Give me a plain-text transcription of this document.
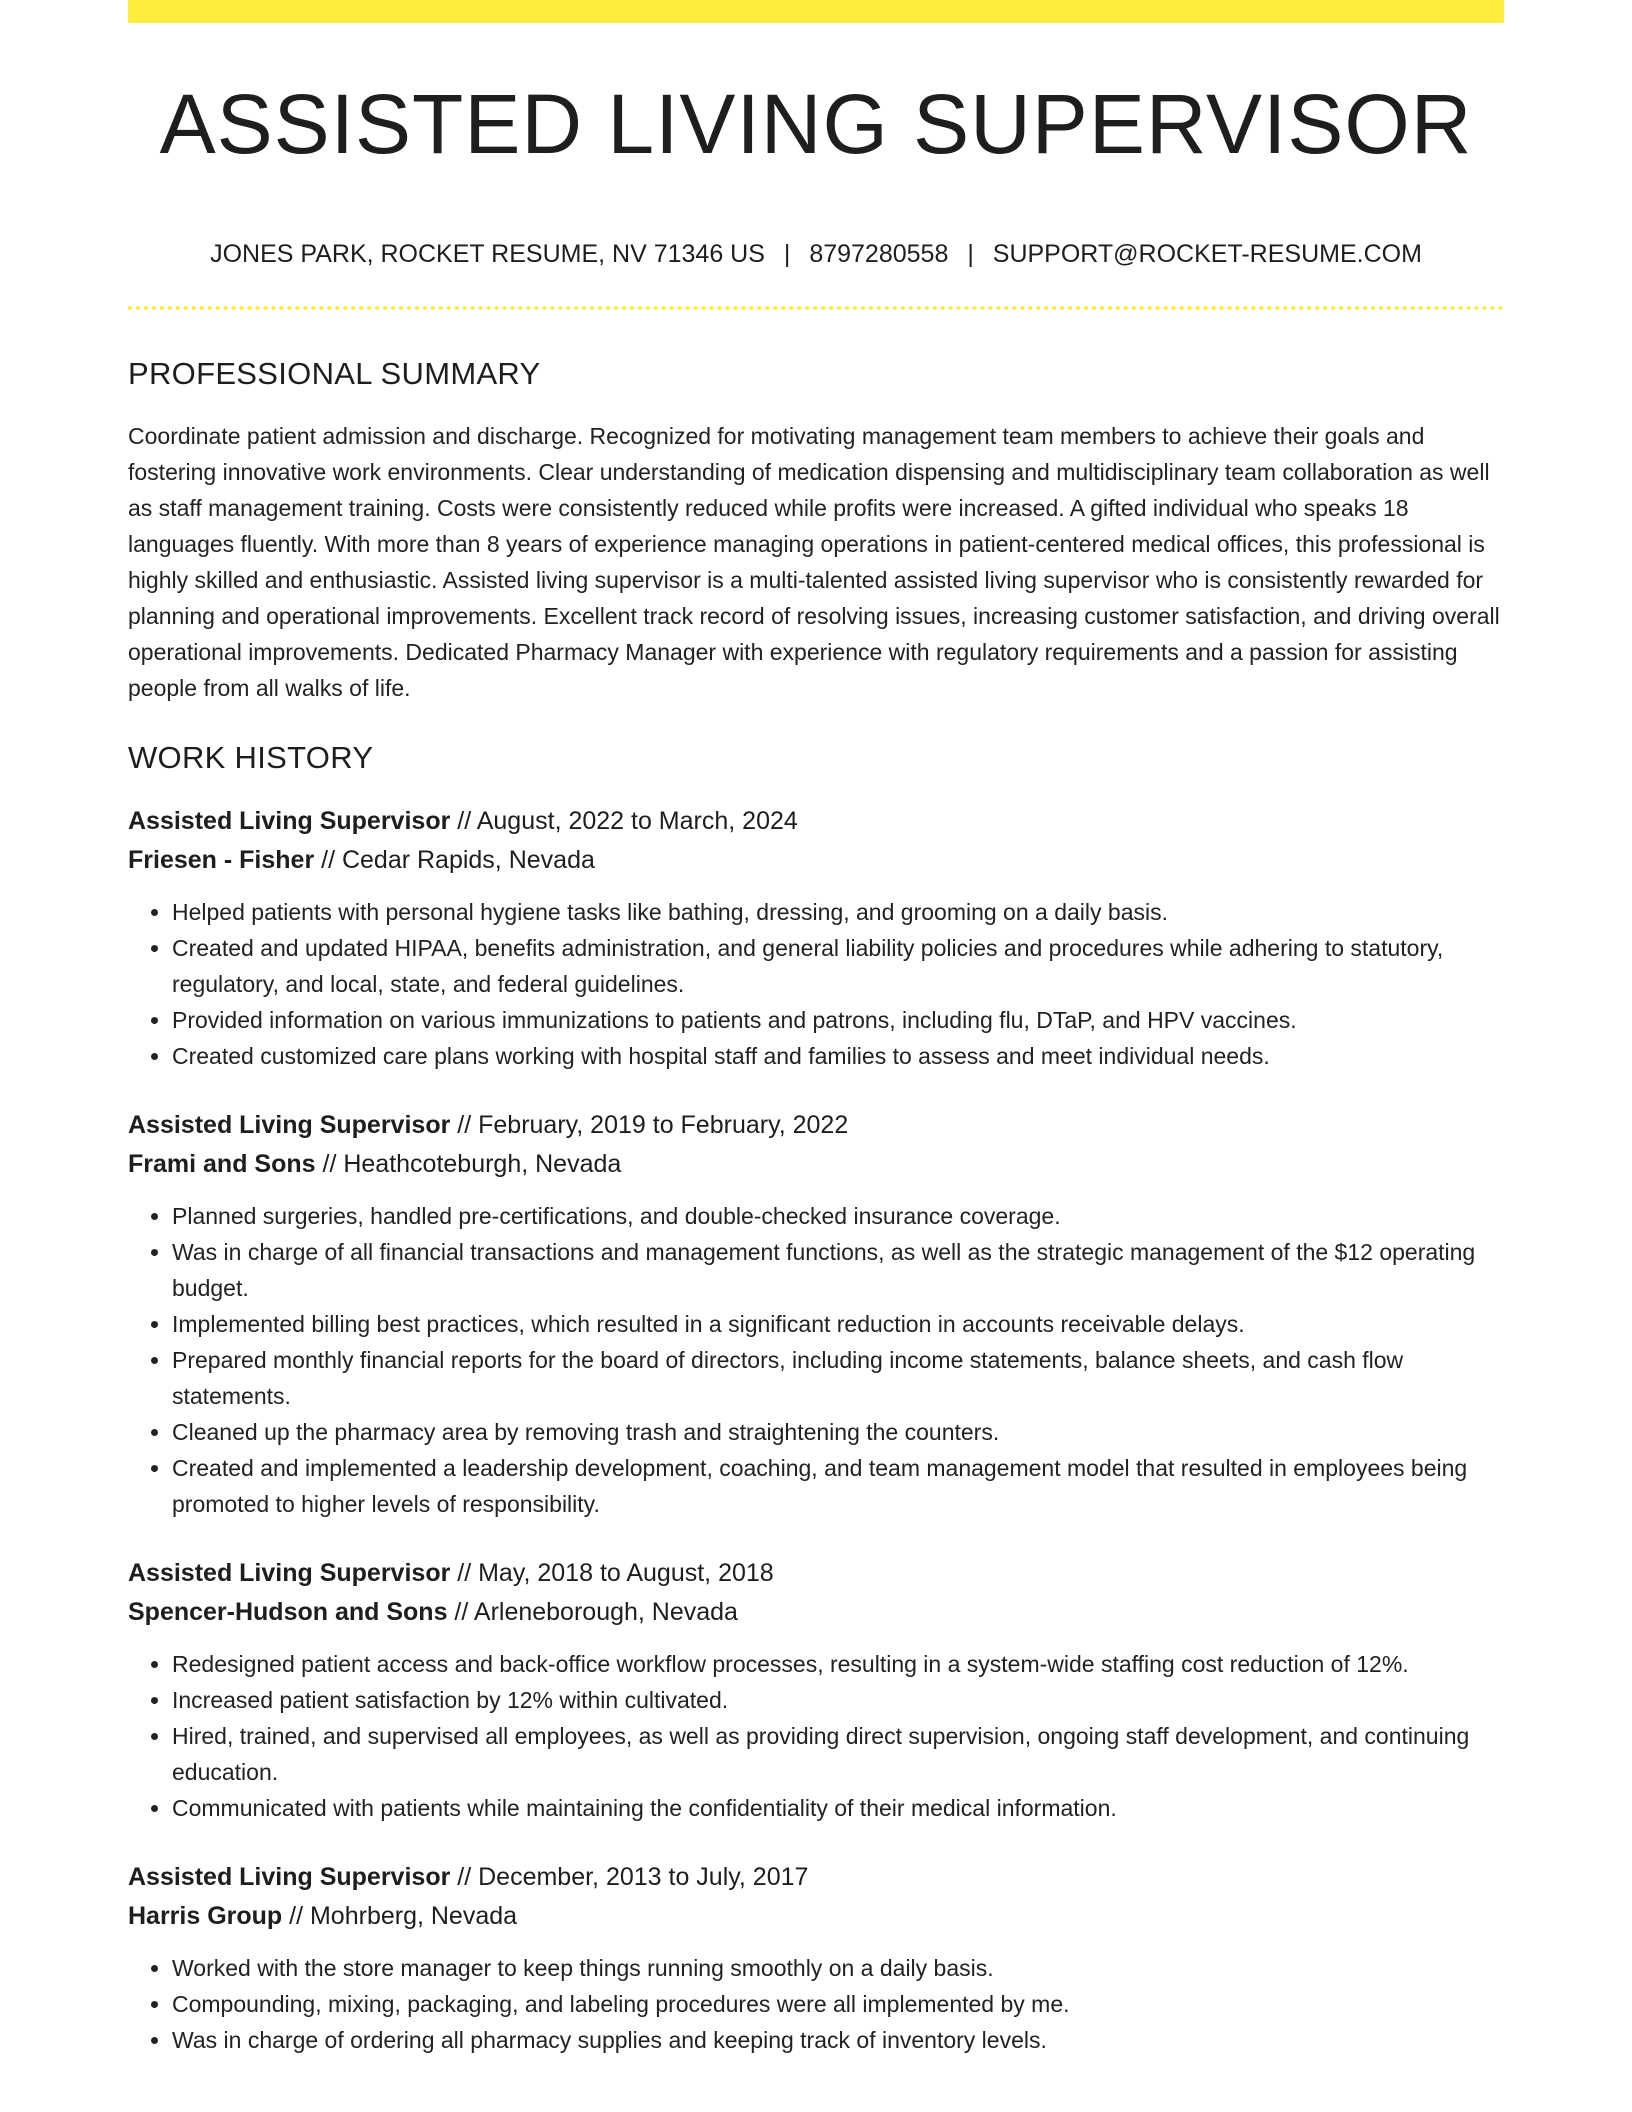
ASSISTED LIVING SUPERVISOR
JONES PARK, ROCKET RESUME, NV 71346 US | 8797280558 | SUPPORT@ROCKET-RESUME.COM
PROFESSIONAL SUMMARY

Coordinate patient admission and discharge. Recognized for motivating management team members to achieve their goals and fostering innovative work environments. Clear understanding of medication dispensing and multidisciplinary team collaboration as well as staff management training. Costs were consistently reduced while profits were increased. A gifted individual who speaks 18 languages fluently. With more than 8 years of experience managing operations in patient-centered medical offices, this professional is highly skilled and enthusiastic. Assisted living supervisor is a multi-talented assisted living supervisor who is consistently rewarded for planning and operational improvements. Excellent track record of resolving issues, increasing customer satisfaction, and driving overall operational improvements. Dedicated Pharmacy Manager with experience with regulatory requirements and a passion for assisting people from all walks of life.

WORK HISTORY
Assisted Living Supervisor // August, 2022 to March, 2024
Friesen - Fisher // Cedar Rapids, Nevada
• Helped patients with personal hygiene tasks like bathing, dressing, and grooming on a daily basis.
• Created and updated HIPAA, benefits administration, and general liability policies and procedures while adhering to statutory, regulatory, and local, state, and federal guidelines.
• Provided information on various immunizations to patients and patrons, including flu, DTaP, and HPV vaccines.
• Created customized care plans working with hospital staff and families to assess and meet individual needs.
Assisted Living Supervisor // February, 2019 to February, 2022
Frami and Sons // Heathcoteburgh, Nevada
• Planned surgeries, handled pre-certifications, and double-checked insurance coverage.
• Was in charge of all financial transactions and management functions, as well as the strategic management of the $12 operating budget.
• Implemented billing best practices, which resulted in a significant reduction in accounts receivable delays.
• Prepared monthly financial reports for the board of directors, including income statements, balance sheets, and cash flow statements.
• Cleaned up the pharmacy area by removing trash and straightening the counters.
• Created and implemented a leadership development, coaching, and team management model that resulted in employees being promoted to higher levels of responsibility.
Assisted Living Supervisor // May, 2018 to August, 2018
Spencer-Hudson and Sons // Arleneborough, Nevada
• Redesigned patient access and back-office workflow processes, resulting in a system-wide staffing cost reduction of 12%.
• Increased patient satisfaction by 12% within cultivated.
• Hired, trained, and supervised all employees, as well as providing direct supervision, ongoing staff development, and continuing education.
• Communicated with patients while maintaining the confidentiality of their medical information.
Assisted Living Supervisor // December, 2013 to July, 2017
Harris Group // Mohrberg, Nevada
• Worked with the store manager to keep things running smoothly on a daily basis.
• Compounding, mixing, packaging, and labeling procedures were all implemented by me.
• Was in charge of ordering all pharmacy supplies and keeping track of inventory levels.
